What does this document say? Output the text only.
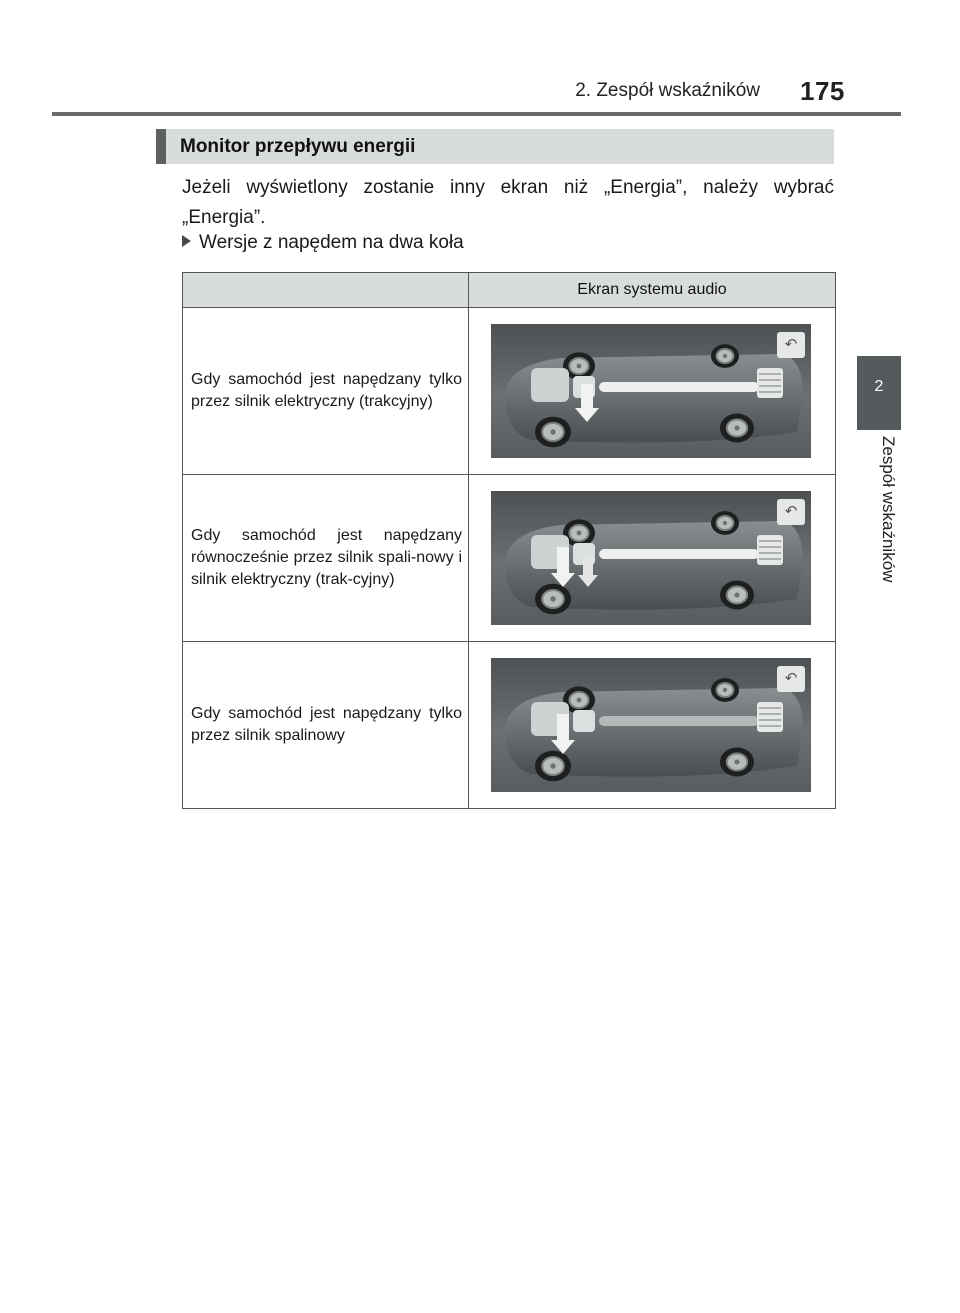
2. Zespół wskaźników 175
2
Zespół wskaźników
Monitor przepływu energii

Jeżeli wyświetlony zostanie inny ekran niż „Energia”, należy wybrać „Energia”.

Wersje z napędem na dwa koła
	Ekran systemu audio

Gdy samochód jest napędzany tylko przez silnik elektryczny (trakcyjny)	↶

Gdy samochód jest napędzany równocześnie przez silnik spali-nowy i silnik elektryczny (trak-cyjny)	↶

Gdy samochód jest napędzany tylko przez silnik spalinowy	↶
